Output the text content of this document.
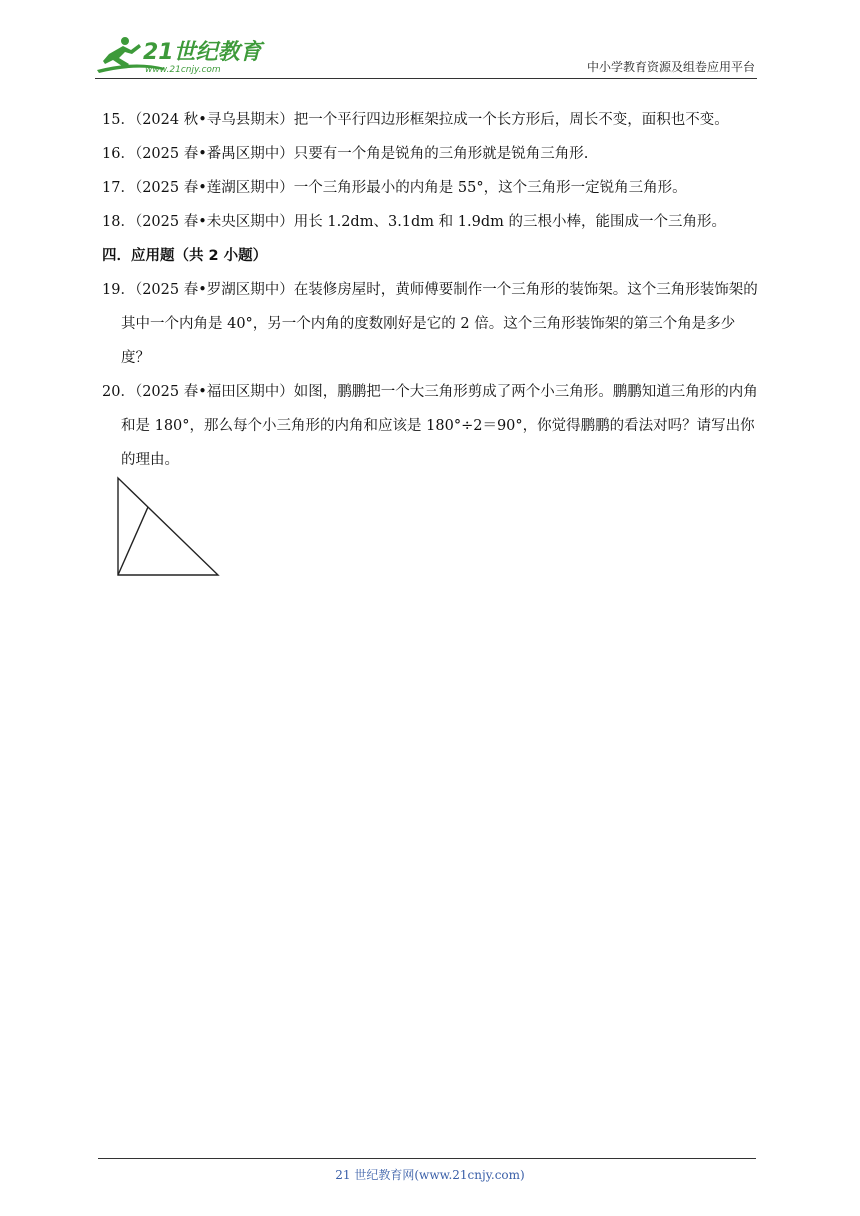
21世纪教育
www.21cnjy.com	中小学教育资源及组卷应用平台
15．（2024 秋•寻乌县期末）把一个平行四边形框架拉成一个长方形后，周长不变，面积也不变。
16．（2025 春•番禺区期中）只要有一个角是锐角的三角形就是锐角三角形.
17．（2025 春•莲湖区期中）一个三角形最小的内角是 55°，这个三角形一定锐角三角形。
18．（2025 春•未央区期中）用长 1.2dm、3.1dm 和 1.9dm 的三根小棒，能围成一个三角形。
四．应用题（共 2 小题）
19．（2025 春•罗湖区期中）在装修房屋时，黄师傅要制作一个三角形的装饰架。这个三角形装饰架的其中一个内角是 40°，另一个内角的度数刚好是它的 2 倍。这个三角形装饰架的第三个角是多少度？
20．（2025 春•福田区期中）如图，鹏鹏把一个大三角形剪成了两个小三角形。鹏鹏知道三角形的内角和是 180°，那么每个小三角形的内角和应该是 180°÷2＝90°，你觉得鹏鹏的看法对吗？请写出你的理由。
21 世纪教育网(www.21cnjy.com)
